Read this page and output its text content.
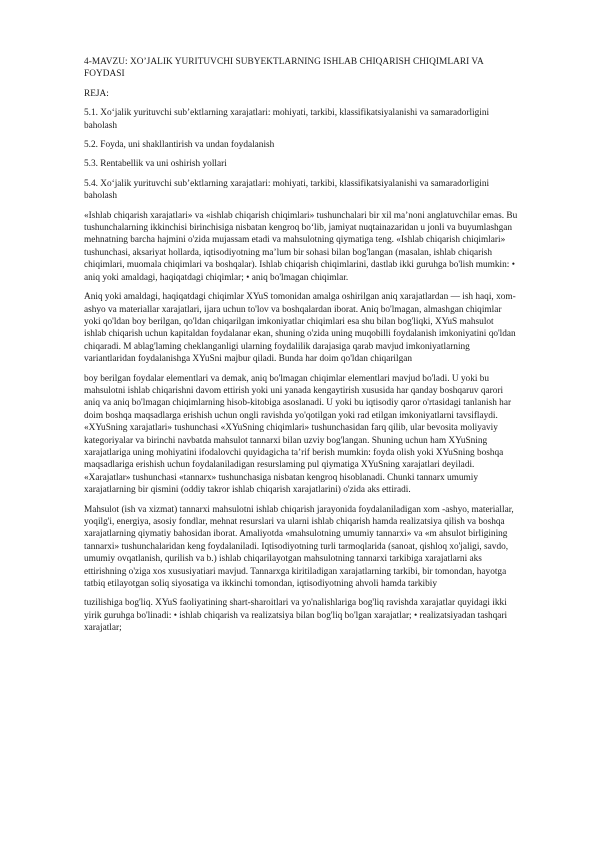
4-MAVZU: XO’JALIK YURITUVCHI SUBYEKTLARNING ISHLAB CHIQARISH CHIQIMLARI VA FOYDASI

REJA:

5.1. Xo‘jalik yurituvchi sub’ektlarning xarajatlari: mohiyati, tarkibi, klassifikatsiyalanishi va samaradorligini baholash

5.2. Foyda, uni shakllantirish va undan foydalanish

5.3. Rentabellik va uni oshirish yollari

5.4. Xo‘jalik yurituvchi sub’ektlarning xarajatlari: mohiyati, tarkibi, klassifikatsiyalanishi va samaradorligini baholash

«Ishlab chiqarish xarajatlari» va «ishlab chiqarish chiqimlari» tushunchalari bir xil ma’noni anglatuvchilar emas. Bu tushunchalarning ikkinchisi birinchisiga nisbatan kengroq bo‘lib, jamiyat nuqtainazaridan u jonli va buyumlashgan mehnatning barcha hajmini o'zida mujassam etadi va mahsulotning qiymatiga teng. «Ishlab chiqarish chiqimlari» tushunchasi, aksariyat hollarda, iqtisodiyotning ma’lum bir sohasi bilan bog'langan (masalan, ishlab chiqarish chiqimlari, muomala chiqimlari va boshqalar). Ishlab chiqarish chiqimlarini, dastlab ikki guruhga bo'lish mumkin: • aniq yoki amaldagi, haqiqatdagi chiqimlar; • aniq bo'lmagan chiqimlar.

Aniq yoki amaldagi, haqiqatdagi chiqimlar XYuS tomonidan amalga oshirilgan aniq xarajatlardan — ish haqi, xom-ashyo va materiallar xarajatlari, ijara uchun to'lov va boshqalardan iborat. Aniq bo'lmagan, almashgan chiqimlar yoki qo'ldan boy berilgan, qo'ldan chiqarilgan imkoniyatlar chiqimlari esa shu bilan bog'liqki, XYuS mahsulot ishlab chiqarish uchun kapitaldan foydalanar ekan, shuning o'zida uning muqobilli foydalanish imkoniyatini qo'ldan chiqaradi. M ablag'laming cheklanganligi ularning foydalilik darajasiga qarab mavjud imkoniyatlarning variantlaridan foydalanishga XYuSni majbur qiladi. Bunda har doim qo'ldan chiqarilgan

boy berilgan foydalar elementlari va demak, aniq bo'lmagan chiqimlar elementlari mavjud bo'ladi. U yoki bu mahsulotni ishlab chiqarishni davom ettirish yoki uni yanada kengaytirish xususida har qanday boshqaruv qarori aniq va aniq bo'lmagan chiqimlarning hisob-kitobiga asoslanadi. U yoki bu iqtisodiy qaror o'rtasidagi tanlanish har doim boshqa maqsadlarga erishish uchun ongli ravishda yo'qotilgan yoki rad etilgan imkoniyatlarni tavsiflaydi. «XYuSning xarajatlari» tushunchasi «XYuSning chiqimlari» tushunchasidan farq qilib, ular bevosita moliyaviy kategoriyalar va birinchi navbatda mahsulot tannarxi bilan uzviy bog'langan. Shuning uchun ham XYuSning xarajatlariga uning mohiyatini ifodalovchi quyidagicha ta’rif berish mumkin: foyda olish yoki XYuSning boshqa maqsadlariga erishish uchun foydalaniladigan resurslaming pul qiymatiga XYuSning xarajatlari deyiladi. «Xarajatlar» tushunchasi «tannarx» tushunchasiga nisbatan kengroq hisoblanadi. Chunki tannarx umumiy xarajatlarning bir qismini (oddiy takror ishlab chiqarish xarajatlarini) o'zida aks ettiradi.

Mahsulot (ish va xizmat) tannarxi mahsulotni ishlab chiqarish jarayonida foydalaniladigan xom -ashyo, materiallar, yoqilg'i, energiya, asosiy fondlar, mehnat resurslari va ularni ishlab chiqarish hamda realizatsiya qilish va boshqa xarajatlarning qiymatiy bahosidan iborat. Amaliyotda «mahsulotning umumiy tannarxi» va «m ahsulot birligining tannarxi» tushunchalaridan keng foydalaniladi. Iqtisodiyotning turli tarmoqlarida (sanoat, qishloq xo'jaligi, savdo, umumiy ovqatlanish, qurilish va b.) ishlab chiqarilayotgan mahsulotning tannarxi tarkibiga xarajatlarni aks ettirishning o'ziga xos xususiyatiari mavjud. Tannarxga kiritiladigan xarajatlarning tarkibi, bir tomondan, hayotga tatbiq etilayotgan soliq siyosatiga va ikkinchi tomondan, iqtisodiyotning ahvoli hamda tarkibiy

tuzilishiga bog'liq. XYuS faoliyatining shart-sharoitlari va yo'nalishlariga bog'liq ravishda xarajatlar quyidagi ikki yirik guruhga bo'linadi: • ishlab chiqarish va realizatsiya bilan bog'liq bo'lgan xarajatlar; • realizatsiyadan tashqari xarajatlar;
